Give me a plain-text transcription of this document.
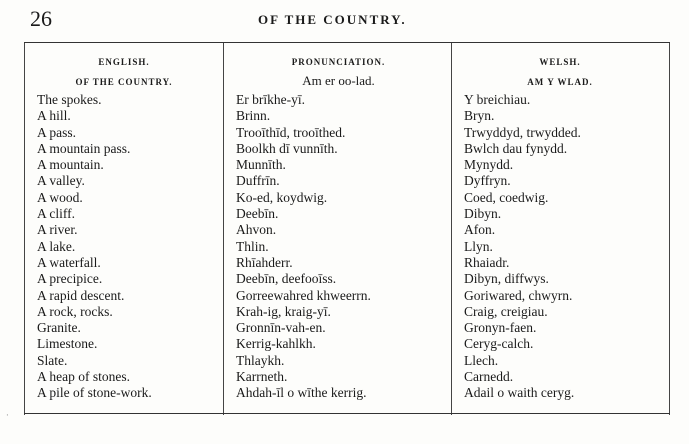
26	OF THE COUNTRY.
ENGLISH.
OF THE COUNTRY.
The spokes.
A hill.
A pass.
A mountain pass.
A mountain.
A valley.
A wood.
A cliff.
A river.
A lake.
A waterfall.
A precipice.
A rapid descent.
A rock, rocks.
Granite.
Limestone.
Slate.
A heap of stones.
A pile of stone-work.
PRONUNCIATION.
Am er oo-lad.
Er brīkhe-yī.
Brinn.
Trooīthīd, trooīthed.
Boolkh dī vunnīth.
Munnīth.
Duffrīn.
Ko-ed, koydwig.
Deebīn.
Ahvon.
Thlin.
Rhīahderr.
Deebīn, deefooīss.
Gorreewahred khweerrn.
Krah-ig, kraig-yī.
Gronnīn-vah-en.
Kerrig-kahlkh.
Thlaykh.
Karrneth.
Ahdah-īl o wīthe kerrig.
WELSH.
AM Y WLAD.
Y breichiau.
Bryn.
Trwyddyd, trwydded.
Bwlch dau fynydd.
Mynydd.
Dyffryn.
Coed, coedwig.
Dibyn.
Afon.
Llyn.
Rhaiadr.
Dibyn, diffwys.
Goriwared, chwyrn.
Craig, creigiau.
Gronyn-faen.
Ceryg-calch.
Llech.
Carnedd.
Adail o waith ceryg.
·
